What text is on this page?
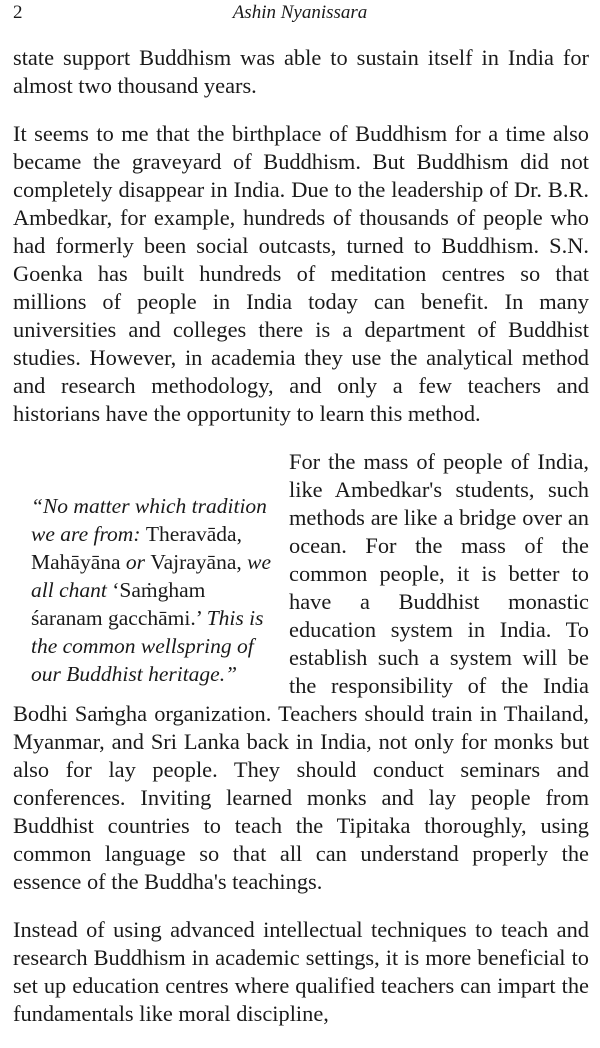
2	Ashin Nyanissara

state support Buddhism was able to sustain itself in India for almost two thousand years.

It seems to me that the birthplace of Buddhism for a time also became the graveyard of Buddhism. But Buddhism did not completely disappear in India. Due to the leadership of Dr. B.R. Ambedkar, for example, hundreds of thousands of people who had formerly been social outcasts, turned to Buddhism. S.N. Goenka has built hundreds of meditation centres so that millions of people in India today can benefit. In many universities and colleges there is a department of Buddhist studies. However, in academia they use the analytical method and research methodology, and only a few teachers and historians have the opportunity to learn this method.

“No matter which tradition we are from: Theravāda, Mahāyāna or Vajrayāna, we all chant ‘Saṁgham śaranam gacchāmi.’ This is the common wellspring of our Buddhist heritage.”

For the mass of people of India, like Ambedkar's students, such methods are like a bridge over an ocean. For the mass of the common people, it is better to have a Buddhist monastic education system in India. To establish such a system will be the responsibility of the India Bodhi Saṁgha organization. Teachers should train in Thailand, Myanmar, and Sri Lanka back in India, not only for monks but also for lay people. They should conduct seminars and conferences. Inviting learned monks and lay people from Buddhist countries to teach the Tipitaka thoroughly, using common language so that all can understand properly the essence of the Buddha's teachings.

Instead of using advanced intellectual techniques to teach and research Buddhism in academic settings, it is more beneficial to set up education centres where qualified teachers can impart the fundamentals like moral discipline,
